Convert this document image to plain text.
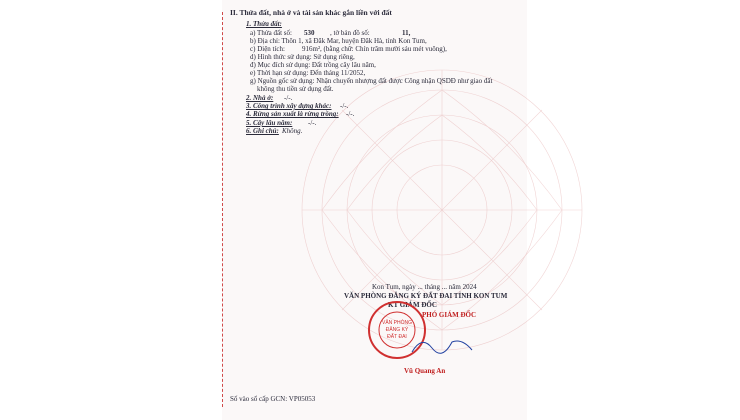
II. Thửa đất, nhà ở và tài sản khác gắn liền với đất
1. Thửa đất:
a) Thửa đất số: 530 , tờ bản đồ số:	11,
b) Địa chỉ: Thôn 1, xã Đăk Mar, huyện Đăk Hà, tỉnh Kon Tum,
c) Diện tích: 916m², (bằng chữ: Chín trăm mười sáu mét vuông),
d) Hình thức sử dụng: Sử dụng riêng,
đ) Mục đích sử dụng: Đất trồng cây lâu năm,
e) Thời hạn sử dụng: Đến tháng 11/2052,
g) Nguồn gốc sử dụng: Nhận chuyển nhượng đất được Công nhận QSDĐ như giao đất
không thu tiền sử dụng đất.
2. Nhà ở: -/-.
3. Công trình xây dựng khác: -/-.
4. Rừng sản xuất là rừng trồng: -/-.
5. Cây lâu năm: -/-.
6. Ghi chú: Không.
Kon Tum, ngày ... tháng ... năm 2024
VĂN PHÒNG ĐĂNG KÝ ĐẤT ĐAI TỈNH KON TUM
KT GIÁM ĐỐC
PHÓ GIÁM ĐỐC
VĂN PHÒNG
ĐĂNG KÝ
ĐẤT ĐAI
Vũ Quang An
Số vào sổ cấp GCN: VP05053
